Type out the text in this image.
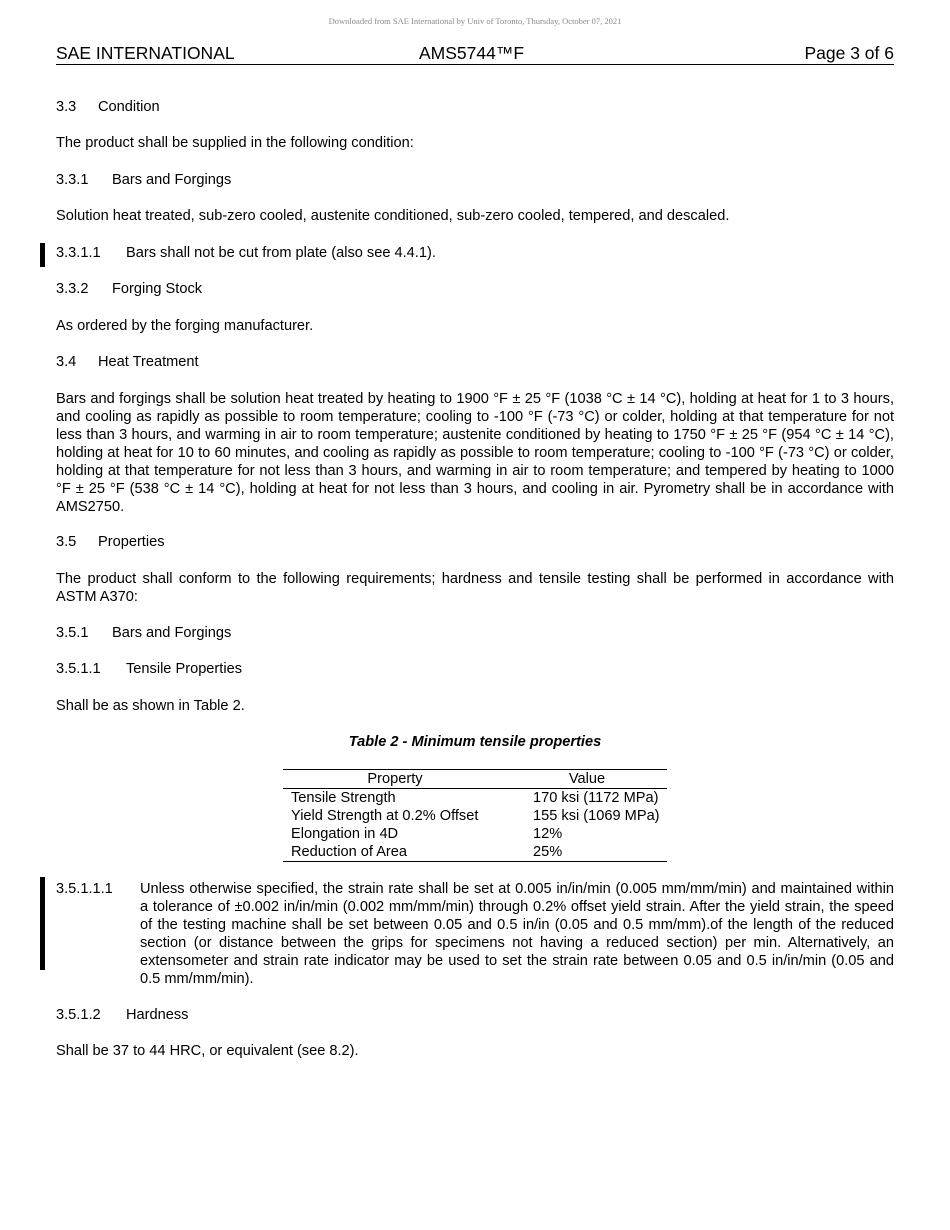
Downloaded from SAE International by Univ of Toronto, Thursday, October 07, 2021
SAE INTERNATIONAL	AMS5744™F	Page 3 of 6
3.3 Condition

The product shall be supplied in the following condition:

3.3.1 Bars and Forgings

Solution heat treated, sub-zero cooled, austenite conditioned, sub-zero cooled, tempered, and descaled.

3.3.1.1 Bars shall not be cut from plate (also see 4.4.1).
3.3.2 Forging Stock

As ordered by the forging manufacturer.

3.4 Heat Treatment

Bars and forgings shall be solution heat treated by heating to 1900 °F ± 25 °F (1038 °C ± 14 °C), holding at heat for 1 to 3 hours, and cooling as rapidly as possible to room temperature; cooling to -100 °F (-73 °C) or colder, holding at that temperature for not less than 3 hours, and warming in air to room temperature; austenite conditioned by heating to 1750 °F ± 25 °F (954 °C ± 14 °C), holding at heat for 10 to 60 minutes, and cooling as rapidly as possible to room temperature; cooling to -100 °F (-73 °C) or colder, holding at that temperature for not less than 3 hours, and warming in air to room temperature; and tempered by heating to 1000 °F ± 25 °F (538 °C ± 14 °C), holding at heat for not less than 3 hours, and cooling in air. Pyrometry shall be in accordance with AMS2750.

3.5 Properties

The product shall conform to the following requirements; hardness and tensile testing shall be performed in accordance with ASTM A370:

3.5.1 Bars and Forgings
3.5.1.1 Tensile Properties

Shall be as shown in Table 2.

Table 2 - Minimum tensile properties
Property	Value
Tensile Strength	170 ksi (1172 MPa)
Yield Strength at 0.2% Offset	155 ksi (1069 MPa)
Elongation in 4D	12%
Reduction of Area	25%
3.5.1.1.1 Unless otherwise specified, the strain rate shall be set at 0.005 in/in/min (0.005 mm/mm/min) and maintained within a tolerance of ±0.002 in/in/min (0.002 mm/mm/min) through 0.2% offset yield strain. After the yield strain, the speed of the testing machine shall be set between 0.05 and 0.5 in/in (0.05 and 0.5 mm/mm).of the length of the reduced section (or distance between the grips for specimens not having a reduced section) per min. Alternatively, an extensometer and strain rate indicator may be used to set the strain rate between 0.05 and 0.5 in/in/min (0.05 and 0.5 mm/mm/min).

3.5.1.2 Hardness

Shall be 37 to 44 HRC, or equivalent (see 8.2).
